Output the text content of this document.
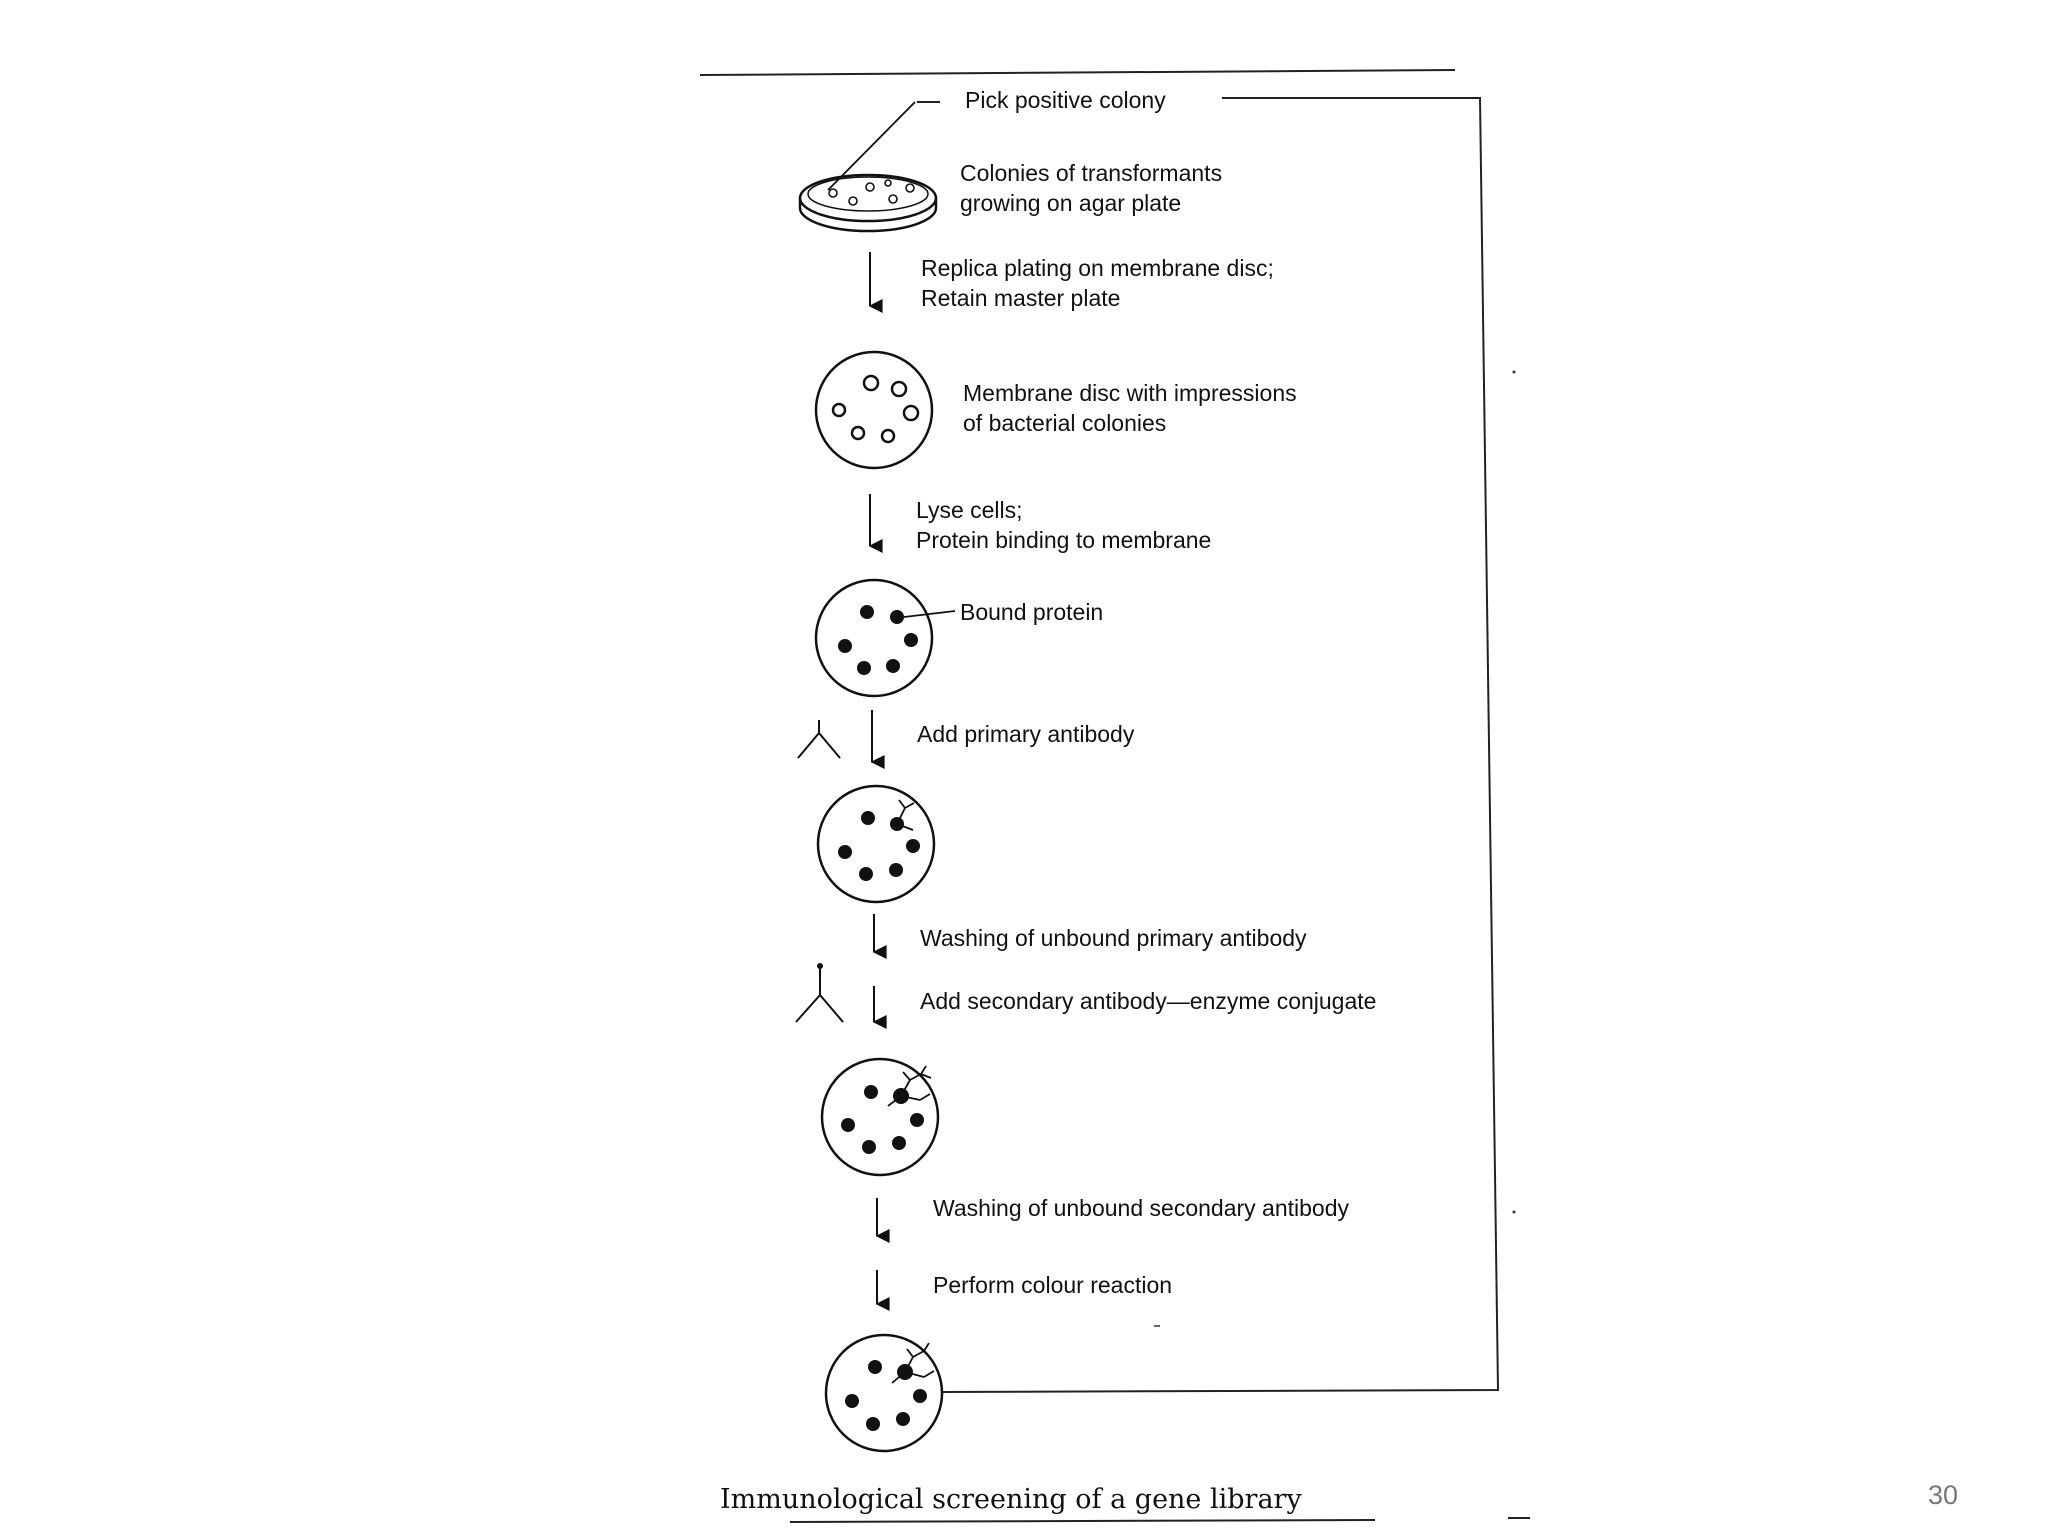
Pick positive colony
Colonies of transformants
growing on agar plate
Replica plating on membrane disc;
Retain master plate
Membrane disc with impressions
of bacterial colonies
Lyse cells;
Protein binding to membrane
Bound protein
Add primary antibody
Washing of unbound primary antibody
Add secondary antibody—enzyme conjugate
Washing of unbound secondary antibody
Perform colour reaction
Immunological screening of a gene library	30
